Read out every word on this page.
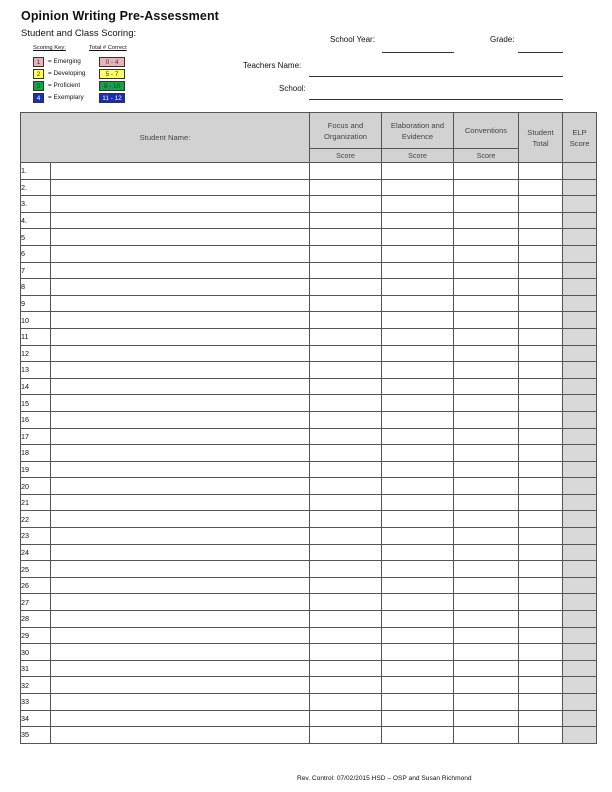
Opinion Writing Pre-Assessment
Student and Class Scoring:
Scoring Key:	Total # Correct
1	= Emerging	0 - 4
2	= Developing	5 - 7
3	= Proficient	8 - 10
4	= Exemplary	11 - 12
School Year:	Grade:
Teachers Name:
School:
Student Name:		Focus and Organization	Elaboration and Evidence	Conventions	Student Total	ELP Score
		Score	Score	Score		
1.						
2.						
3.						
4.						
5						
6						
7						
8						
9						
10						
11						
12						
13						
14						
15						
16						
17						
18						
19						
20						
21						
22						
23						
24						
25						
26						
27						
28						
29						
30						
31						
32						
33						
34						
35						
Rev. Control: 07/02/2015 HSD – OSP and Susan Richmond
